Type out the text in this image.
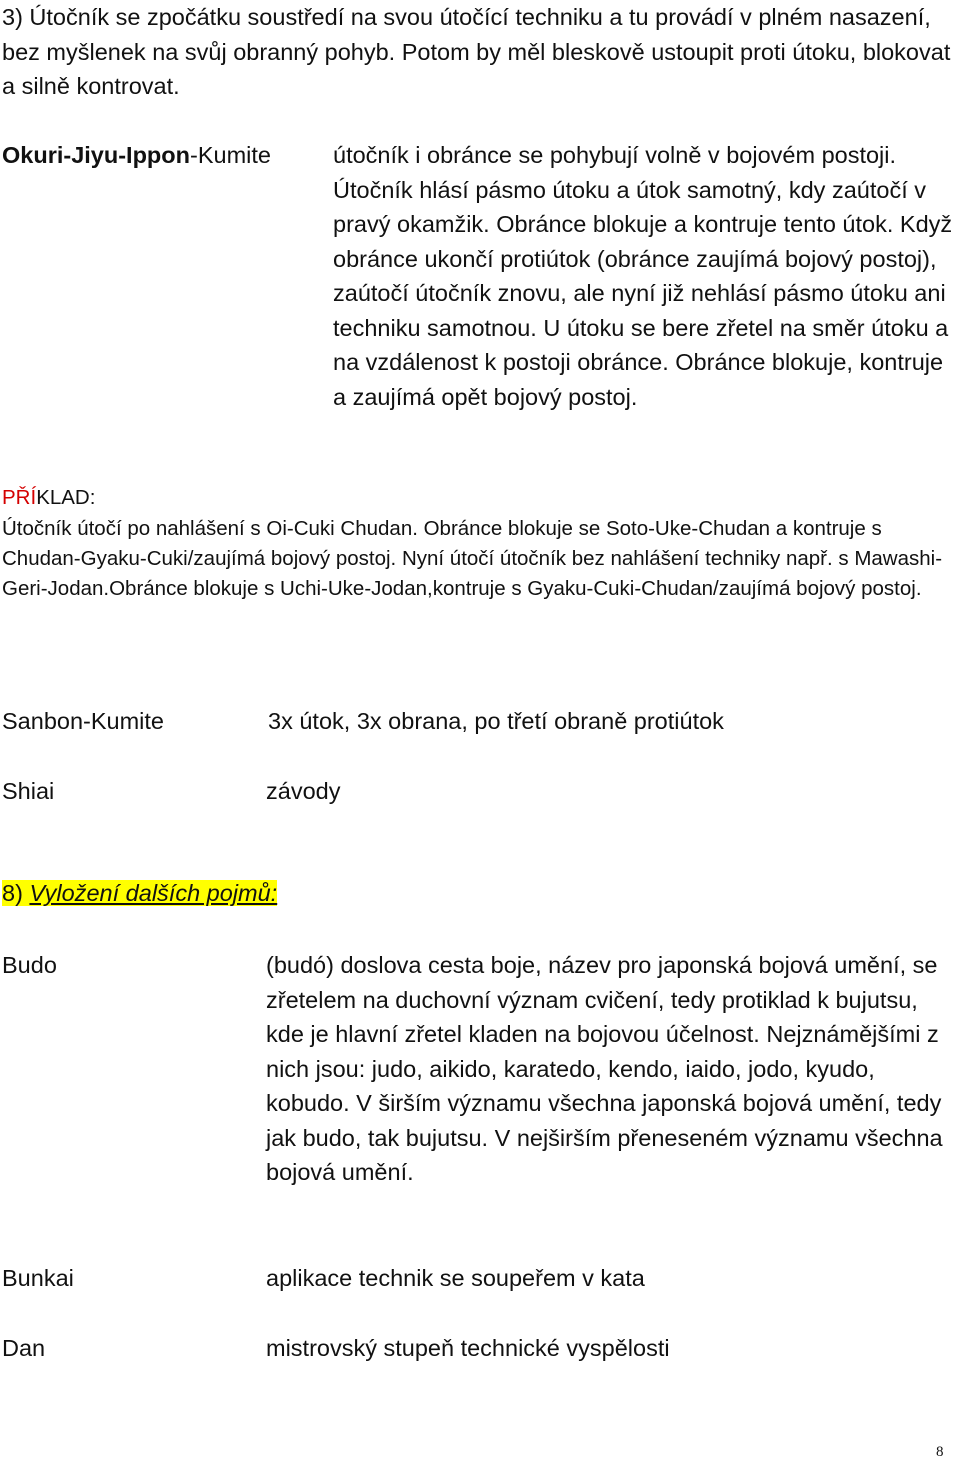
3) Útočník se zpočátku soustředí na svou útočící techniku a tu provádí v plném nasazení, bez myšlenek na svůj obranný pohyb. Potom by měl bleskově ustoupit proti útoku, blokovat a silně kontrovat.
Okuri-Jiyu-Ippon-Kumite	útočník i obránce se pohybují volně v bojovém postoji. Útočník hlásí pásmo útoku a útok samotný, kdy zaútočí v pravý okamžik. Obránce blokuje a kontruje tento útok. Když obránce ukončí protiútok (obránce zaujímá bojový postoj), zaútočí útočník znovu, ale nyní již nehlásí pásmo útoku ani techniku samotnou. U útoku se bere zřetel na směr útoku a na vzdálenost k postoji obránce. Obránce blokuje, kontruje a zaujímá opět bojový postoj.
PŘÍKLAD:
Útočník útočí po nahlášení s Oi-Cuki Chudan. Obránce blokuje se Soto-Uke-Chudan a kontruje s Chudan-Gyaku-Cuki/zaujímá bojový postoj. Nyní útočí útočník bez nahlášení techniky např. s Mawashi-Geri-Jodan.Obránce blokuje s Uchi-Uke-Jodan,kontruje s Gyaku-Cuki-Chudan/zaujímá bojový postoj.
Sanbon-Kumite	3x útok, 3x obrana, po třetí obraně protiútok
Shiai	závody
8) Vyložení dalších pojmů:
Budo	(budó) doslova cesta boje, název pro japonská bojová umění, se zřetelem na duchovní význam cvičení, tedy protiklad k bujutsu, kde je hlavní zřetel kladen na bojovou účelnost. Nejznámějšími z nich jsou: judo, aikido, karatedo, kendo, iaido, jodo, kyudo, kobudo. V širším významu všechna japonská bojová umění, tedy jak budo, tak bujutsu. V nejširším přeneseném významu všechna bojová umění.
Bunkai	aplikace technik se soupeřem v kata
Dan	mistrovský stupeň technické vyspělosti
8
